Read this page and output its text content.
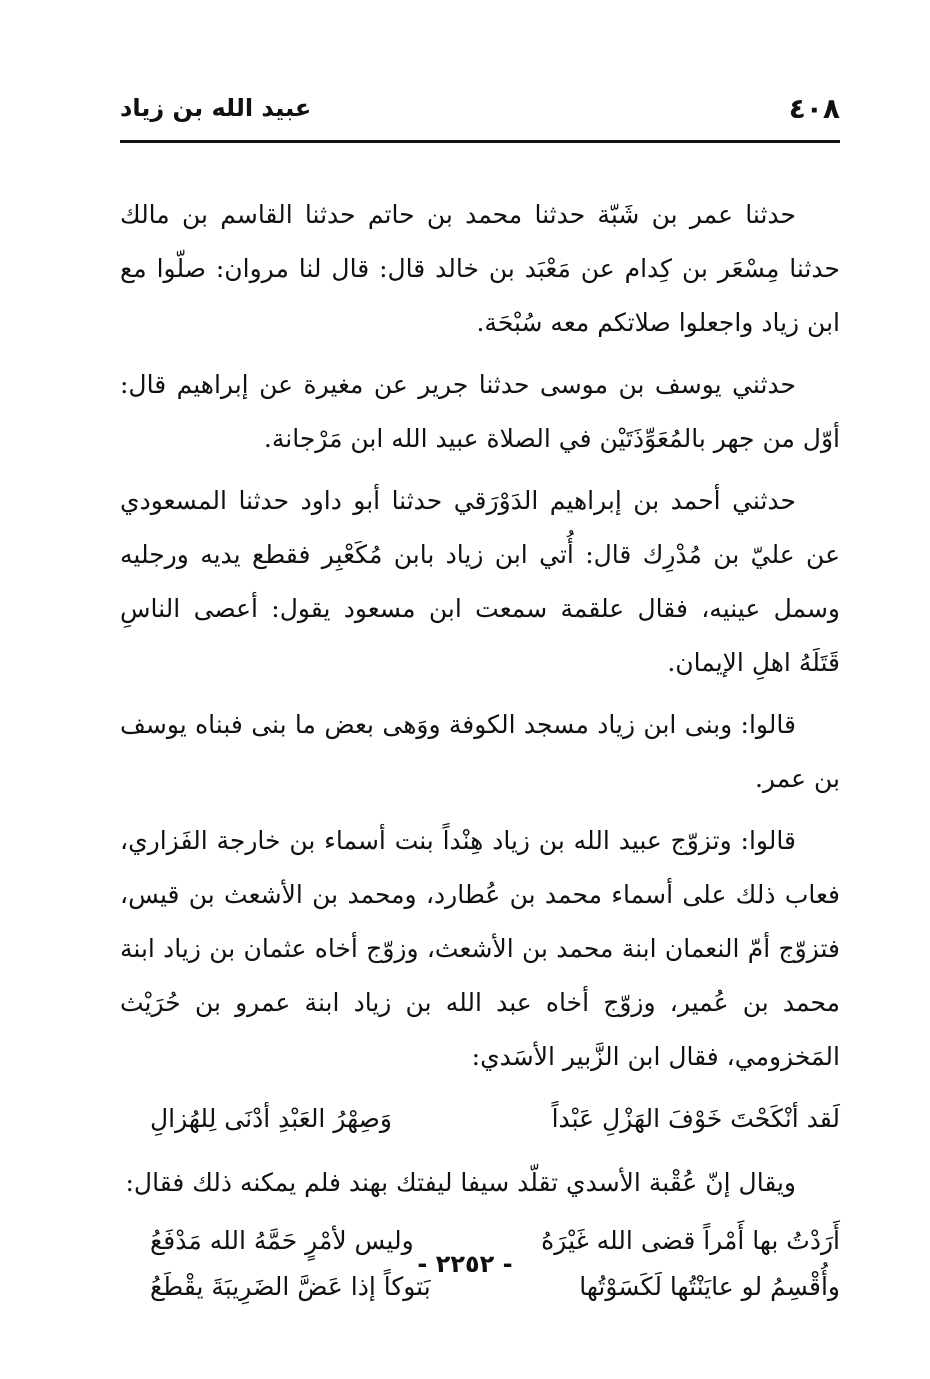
٤٠٨
عبيد الله بن زياد

حدثنا عمر بن شَبّة حدثنا محمد بن حاتم حدثنا القاسم بن مالك حدثنا مِسْعَر بن كِدام عن مَعْبَد بن خالد قال: قال لنا مروان: صلّوا مع ابن زياد واجعلوا صلاتكم معه سُبْحَة.

حدثني يوسف بن موسى حدثنا جرير عن مغيرة عن إبراهيم قال: أوّل من جهر بالمُعَوِّذَتَيْن في الصلاة عبيد الله ابن مَرْجانة.

حدثني أحمد بن إبراهيم الدَوْرَقي حدثنا أبو داود حدثنا المسعودي عن عليّ بن مُدْرِك قال: أُتي ابن زياد بابن مُكَعْبِر فقطع يديه ورجليه وسمل عينيه، فقال علقمة سمعت ابن مسعود يقول: أعصى الناسِ قَتَلَهُ اهلِ الإيمان.

قالوا: وبنى ابن زياد مسجد الكوفة ووَهى بعض ما بنى فبناه يوسف بن عمر.

قالوا: وتزوّج عبيد الله بن زياد هِنْداً بنت أسماء بن خارجة الفَزاري، فعاب ذلك على أسماء محمد بن عُطارد، ومحمد بن الأشعث بن قيس، فتزوّج أمّ النعمان ابنة محمد بن الأشعث، وزوّج أخاه عثمان بن زياد ابنة محمد بن عُمير، وزوّج أخاه عبد الله بن زياد ابنة عمرو بن حُرَيْث المَخزومي، فقال ابن الزَّبير الأسَدي:

لَقد أنْكَحْتَ خَوْفَ الهَزْلِ عَبْداً
وَصِهْرُ العَبْدِ أدْنَى لِلهُزالِ

ويقال إنّ عُقْبة الأسدي تقلّد سيفا ليفتك بهند فلم يمكنه ذلك فقال:

أَرَدْتُ بها أَمْراً قضى الله غَيْرَهُ
وليس لأمْرٍ حَمَّهُ الله مَدْفَعُ
وأُقْسِمُ لو عايَنْتُها لَكَسَوْتُها
بَتوكاً إذا عَضَّ الضَرِيبَةَ يقْطَعُ
- ٢٢٥٢ -
